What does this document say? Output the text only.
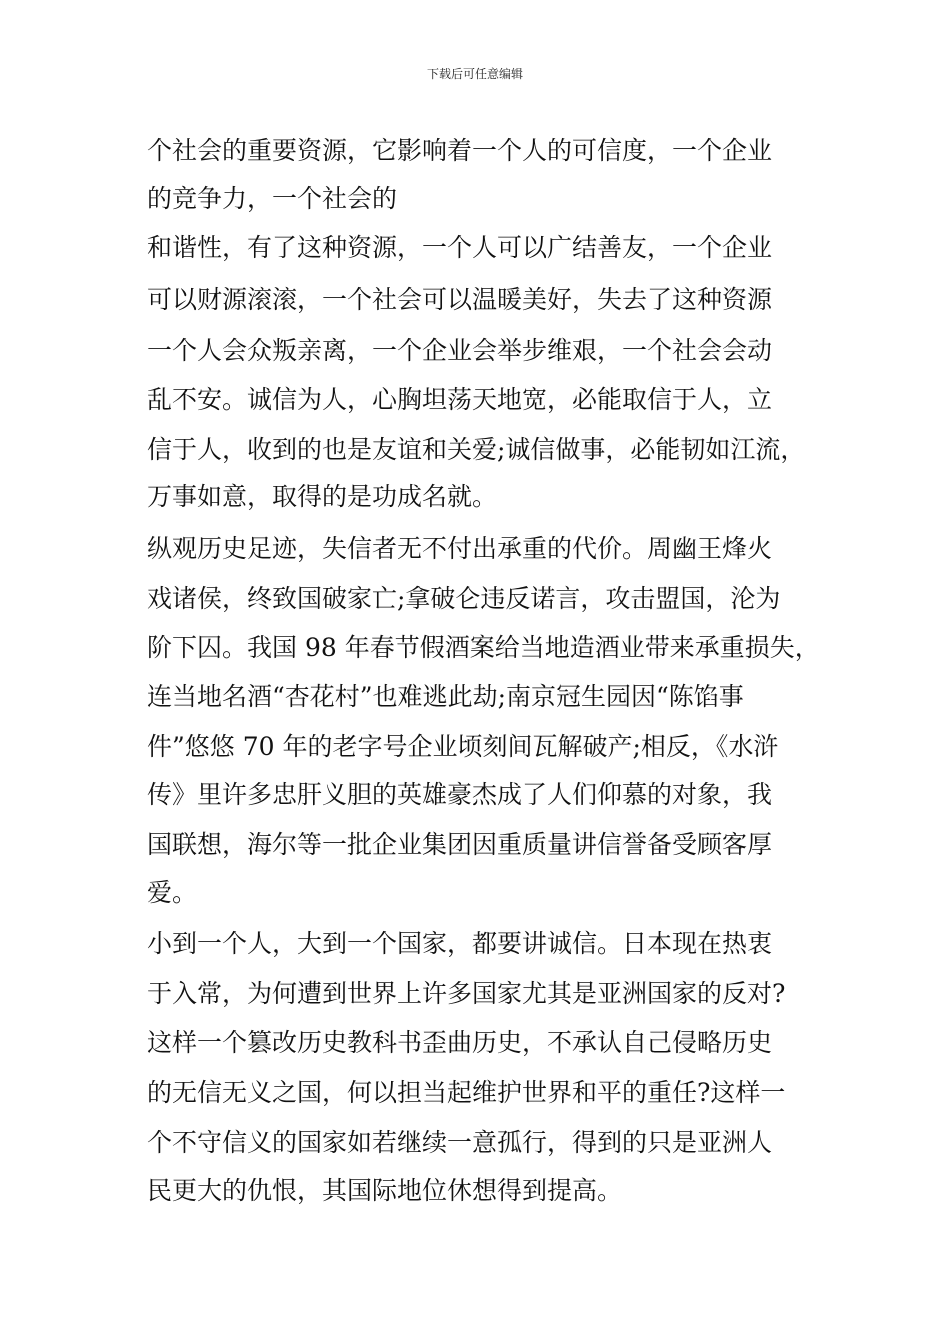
下载后可任意编辑
个社会的重要资源，它影响着一个人的可信度，一个企业
的竞争力，一个社会的
和谐性，有了这种资源，一个人可以广结善友，一个企业
可以财源滚滚，一个社会可以温暖美好，失去了这种资源
一个人会众叛亲离，一个企业会举步维艰，一个社会会动
乱不安。诚信为人，心胸坦荡天地宽，必能取信于人，立
信于人，收到的也是友谊和关爱;诚信做事，必能韧如江流，
万事如意，取得的是功成名就。
纵观历史足迹，失信者无不付出承重的代价。周幽王烽火
戏诸侯，终致国破家亡;拿破仑违反诺言，攻击盟国，沦为
阶下囚。我国 98 年春节假酒案给当地造酒业带来承重损失，
连当地名酒“杏花村”也难逃此劫;南京冠生园因“陈馅事
件”悠悠 70 年的老字号企业顷刻间瓦解破产;相反，《水浒
传》里许多忠肝义胆的英雄豪杰成了人们仰慕的对象，我
国联想，海尔等一批企业集团因重质量讲信誉备受顾客厚
爱。
小到一个人，大到一个国家，都要讲诚信。日本现在热衷
于入常，为何遭到世界上许多国家尤其是亚洲国家的反对?
这样一个篡改历史教科书歪曲历史，不承认自己侵略历史
的无信无义之国，何以担当起维护世界和平的重任?这样一
个不守信义的国家如若继续一意孤行，得到的只是亚洲人
民更大的仇恨，其国际地位休想得到提高。
